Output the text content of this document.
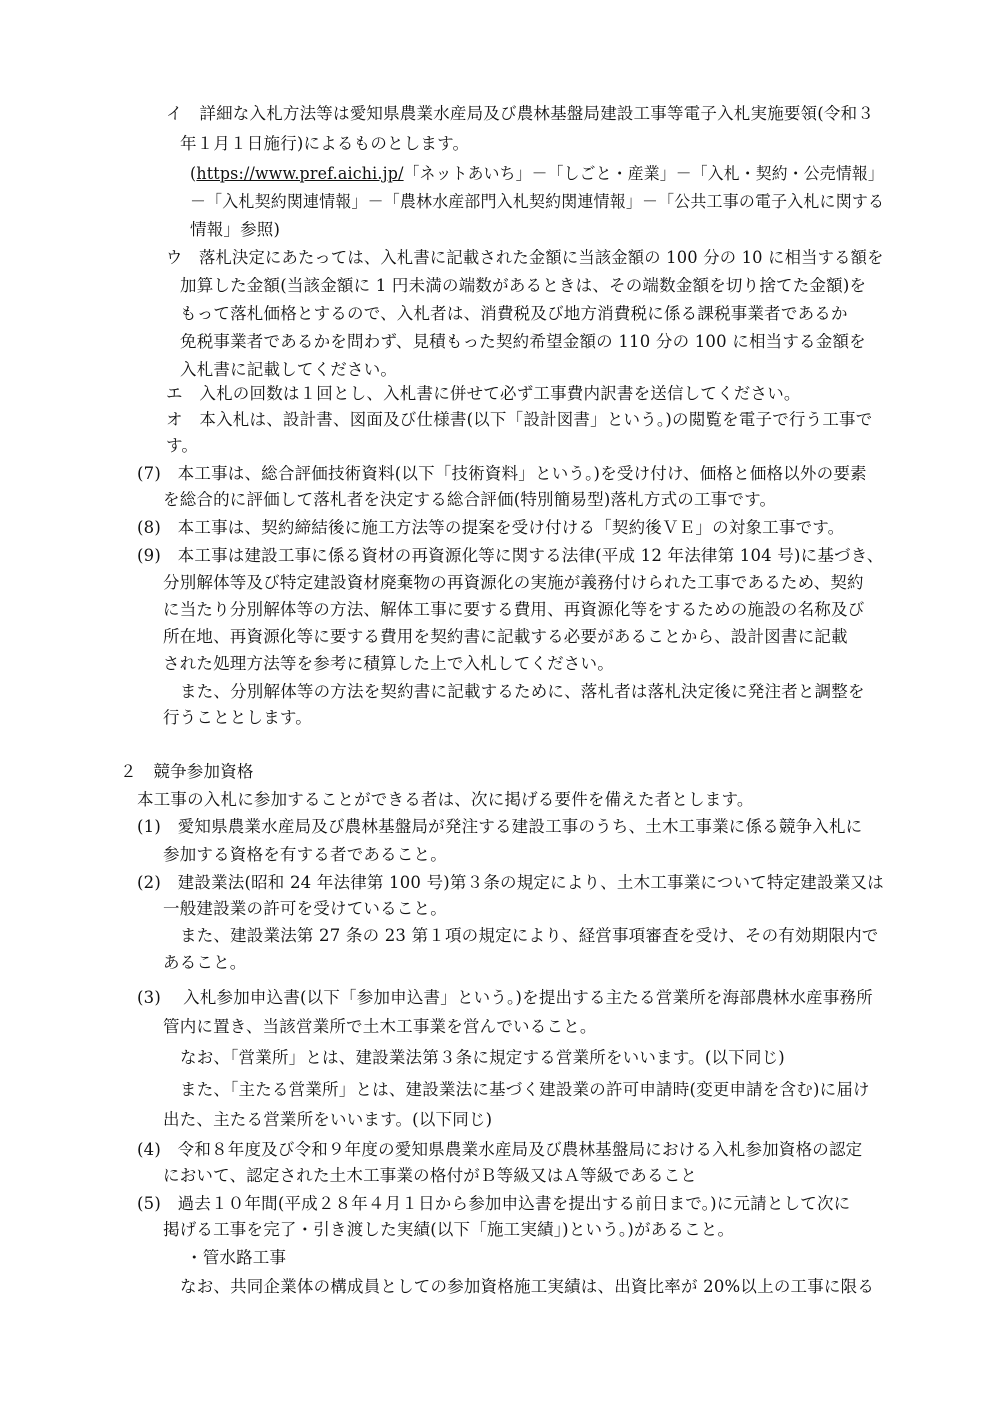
イ　詳細な入札方法等は愛知県農業水産局及び農林基盤局建設工事等電子入札実施要領(令和３
年１月１日施行)によるものとします。
(https://www.pref.aichi.jp/「ネットあいち」－「しごと・産業」－「入札・契約・公売情報」
－「入札契約関連情報」－「農林水産部門入札契約関連情報」－「公共工事の電子入札に関する
情報」参照)
ウ　落札決定にあたっては、入札書に記載された金額に当該金額の 100 分の 10 に相当する額を
加算した金額(当該金額に 1 円未満の端数があるときは、その端数金額を切り捨てた金額)を
もって落札価格とするので、入札者は、消費税及び地方消費税に係る課税事業者であるか
免税事業者であるかを問わず、見積もった契約希望金額の 110 分の 100 に相当する金額を
入札書に記載してください。
エ　入札の回数は１回とし、入札書に併せて必ず工事費内訳書を送信してください。
オ　本入札は、設計書、図面及び仕様書(以下「設計図書」という。)の閲覧を電子で行う工事で
す。
(7)　本工事は、総合評価技術資料(以下「技術資料」という。)を受け付け、価格と価格以外の要素
を総合的に評価して落札者を決定する総合評価(特別簡易型)落札方式の工事です。
(8)　本工事は、契約締結後に施工方法等の提案を受け付ける「契約後ＶＥ」の対象工事です。
(9)　本工事は建設工事に係る資材の再資源化等に関する法律(平成 12 年法律第 104 号)に基づき、
分別解体等及び特定建設資材廃棄物の再資源化の実施が義務付けられた工事であるため、契約
に当たり分別解体等の方法、解体工事に要する費用、再資源化等をするための施設の名称及び
所在地、再資源化等に要する費用を契約書に記載する必要があることから、設計図書に記載
された処理方法等を参考に積算した上で入札してください。
また、分別解体等の方法を契約書に記載するために、落札者は落札決定後に発注者と調整を
行うこととします。
２　競争参加資格
本工事の入札に参加することができる者は、次に掲げる要件を備えた者とします。
(1)　愛知県農業水産局及び農林基盤局が発注する建設工事のうち、土木工事業に係る競争入札に
参加する資格を有する者であること。
(2)　建設業法(昭和 24 年法律第 100 号)第３条の規定により、土木工事業について特定建設業又は
一般建設業の許可を受けていること。
また、建設業法第 27 条の 23 第１項の規定により、経営事項審査を受け、その有効期限内で
あること。
(3)　 入札参加申込書(以下「参加申込書」という。)を提出する主たる営業所を海部農林水産事務所
管内に置き、当該営業所で土木工事業を営んでいること。
なお、「営業所」とは、建設業法第３条に規定する営業所をいいます。(以下同じ)
また、「主たる営業所」とは、建設業法に基づく建設業の許可申請時(変更申請を含む)に届け
出た、主たる営業所をいいます。(以下同じ)
(4)　令和８年度及び令和９年度の愛知県農業水産局及び農林基盤局における入札参加資格の認定
において、認定された土木工事業の格付がＢ等級又はＡ等級であること
(5)　過去１０年間(平成２８年４月１日から参加申込書を提出する前日まで。)に元請として次に
掲げる工事を完了・引き渡した実績(以下「施工実績」)という。)があること。
・管水路工事
なお、共同企業体の構成員としての参加資格施工実績は、出資比率が 20%以上の工事に限る
